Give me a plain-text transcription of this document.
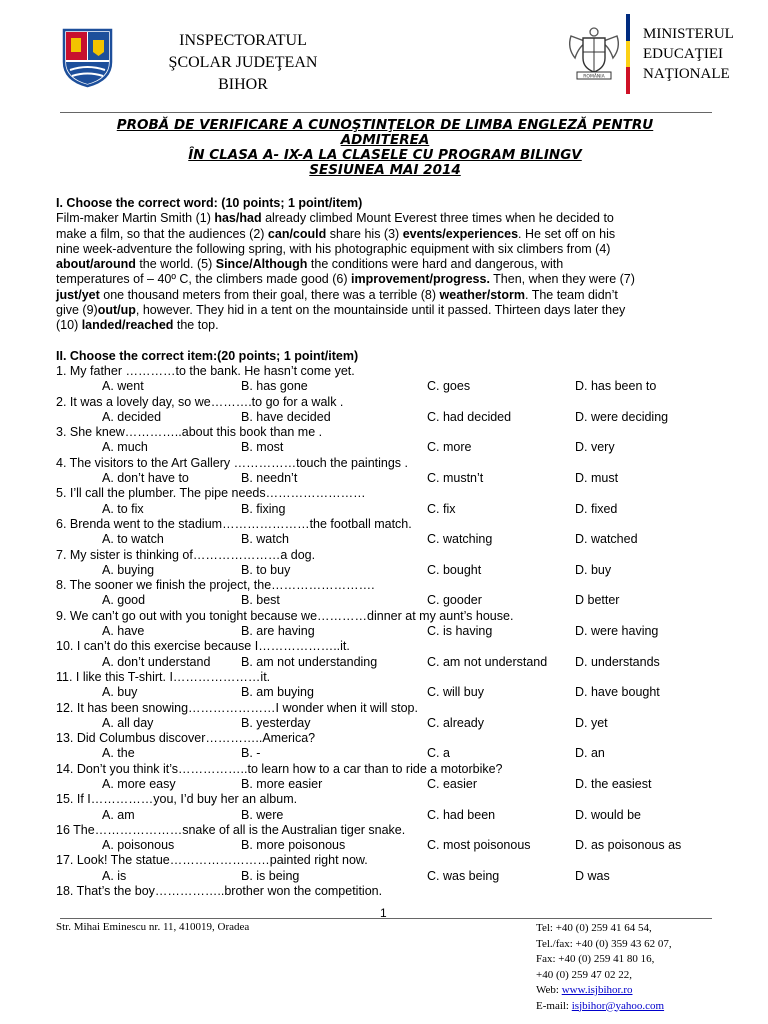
INSPECTORATUL
ŞCOLAR JUDEŢEAN
BIHOR	ROMÂNIA
MINISTERUL
EDUCAŢIEI
NAŢIONALE
PROBĂ DE VERIFICARE A CUNOŞTINŢELOR DE LIMBA ENGLEZĂ PENTRU
ADMITEREA
ÎN CLASA A- IX-A LA CLASELE CU PROGRAM BILINGV
SESIUNEA MAI 2014
I. Choose the correct word: (10 points; 1 point/item)
Film-maker Martin Smith (1) has/had already climbed Mount Everest three times when he decided to
make a film, so that the audiences (2) can/could share his (3) events/experiences. He set off on his
nine week-adventure the following spring, with his photographic equipment with six climbers from (4)
about/around the world. (5) Since/Although the conditions were hard and dangerous, with
temperatures of – 40º C, the climbers made good (6) improvement/progress. Then, when they were (7)
just/yet one thousand meters from their goal, there was a terrible (8) weather/storm. The team didn’t
give (9)out/up, however. They hid in a tent on the mountainside until it passed. Thirteen days later they
(10) landed/reached the top.
II. Choose the correct item:(20 points; 1 point/item)
1. My father …………to the bank. He hasn’t come yet.
A. went	B. has gone	C. goes	D. has been to
2. It was a lovely day, so we……….to go for a walk .
A. decided	B. have decided	C. had decided	D. were deciding
3. She knew…………..about this book than me .
A. much	B. most	C. more	D. very
4. The visitors to the Art Gallery ……………touch the paintings .
A. don’t have to	B. needn’t	C. mustn’t	D. must
5. I’ll call the plumber. The pipe needs……………………
A. to fix	B. fixing	C. fix	D. fixed
6. Brenda went to the stadium…………………the football match.
A. to watch	B. watch	C. watching	D. watched
7. My sister is thinking of…………………a dog.
A. buying	B. to buy	C. bought	D. buy
8. The sooner we finish the project, the…………………….
A. good	B. best	C. gooder	D better
9. We can’t go out with you tonight because we…………dinner at my aunt’s house.
A. have	B. are having	C. is having	D. were having
10. I can’t do this exercise because I………………..it.
A. don’t understand B. am not understanding	C. am not understand D. understands
11. I like this T-shirt. I…………………it.
A. buy	B. am buying	C. will buy	D. have bought
12. It has been snowing…………………I wonder when it will stop.
A. all day	B. yesterday	C. already	D. yet
13. Did Columbus discover…………..America?
A. the	B. -	C. a	D. an
14. Don’t you think it’s……………..to learn how to a car than to ride a motorbike?
A. more easy	B. more easier	C. easier	D. the easiest
15. If I……………you, I’d buy her an album.
A. am	B. were	C. had been	D. would be
16 The…………………snake of all is the Australian tiger snake.
A. poisonous	B. more poisonous	C. most poisonous	D. as poisonous as
17. Look! The statue……………………painted right now.
A. is	B. is being	C. was being	D was
18. That’s the boy……………..brother won the competition.
1
Str. Mihai Eminescu nr. 11, 410019, Oradea	Tel: +40 (0) 259 41 64 54,
Tel./fax: +40 (0) 359 43 62 07,
Fax: +40 (0) 259 41 80 16,
+40 (0) 259 47 02 22,
Web: www.isjbihor.ro
E-mail: isjbihor@yahoo.com
